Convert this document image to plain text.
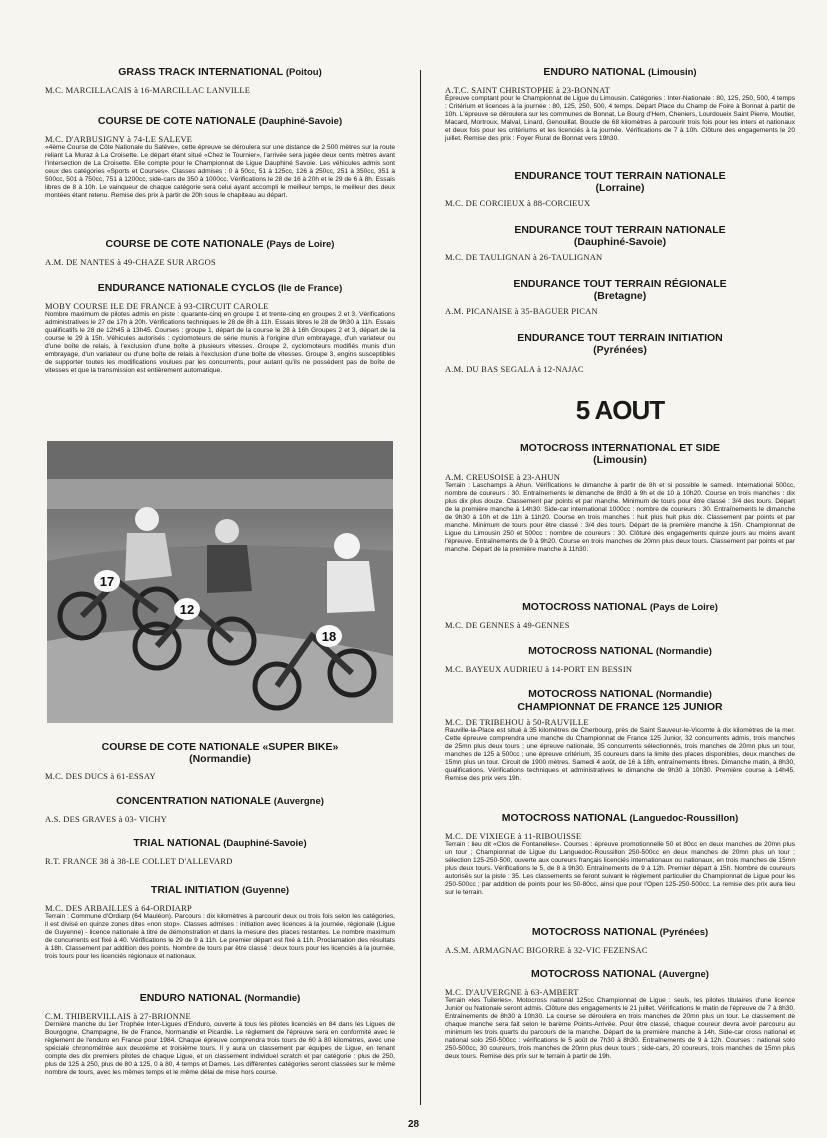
GRASS TRACK INTERNATIONAL (Poitou)

M.C. MARCILLACAIS à 16-MARCILLAC LANVILLE

COURSE DE COTE NATIONALE (Dauphiné-Savoie)

M.C. D'ARBUSIGNY à 74-LE SALEVE

«4ème Course de Côte Nationale du Salève», cette épreuve se déroulera sur une distance de 2 500 mètres sur la route reliant La Muraz à La Croisette. Le départ étant situé «Chez le Tournier», l'arrivée sera jugée deux cents mètres avant l'intersection de La Croisette. Elle compte pour le Championnat de Ligue Dauphiné Savoie. Les véhicules admis sont ceux des catégories «Sports et Courses». Classes admises : 0 à 50cc, 51 à 125cc, 126 à 250cc, 251 à 350cc, 351 à 500cc, 501 à 750cc, 751 à 1200cc, side-cars de 350 à 1000cc. Vérifications le 28 de 16 à 20h et le 29 de 6 à 8h. Essais libres de 8 à 10h. Le vainqueur de chaque catégorie sera celui ayant accompli le meilleur temps, le meilleur des deux montées étant retenu. Remise des prix à partir de 20h sous le chapiteau au départ.

COURSE DE COTE NATIONALE (Pays de Loire)

A.M. DE NANTES à 49-CHAZE SUR ARGOS

ENDURANCE NATIONALE CYCLOS (Ile de France)

MOBY COURSE ILE DE FRANCE à 93-CIRCUIT CAROLE

Nombre maximum de pilotes admis en piste : quarante-cinq en groupe 1 et trente-cinq en groupes 2 et 3. Vérifications administratives le 27 de 17h à 20h. Vérifications techniques le 28 de 8h à 11h. Essais libres le 28 de 9h30 à 11h. Essais qualificatifs le 28 de 12h45 à 13h45. Courses : groupe 1, départ de la course le 28 à 16h Groupes 2 et 3, départ de la course le 29 à 15h. Véhicules autorisés : cyclomoteurs de série munis à l'origine d'un embrayage, d'un variateur ou d'une boîte de relais, à l'exclusion d'une boîte à plusieurs vitesses. Groupe 2, cyclomoteurs modifiés munis d'un embrayage, d'un variateur ou d'une boîte de relais à l'exclusion d'une boîte de vitesses. Groupe 3, engins susceptibles de supporter toutes les modifications voulues par les concurrents, pour autant qu'ils ne possèdent pas de boîte de vitesses et que la transmission est entièrement automatique.

17
12
18

COURSE DE COTE NATIONALE «SUPER BIKE»

(Normandie)

M.C. DES DUCS à 61-ESSAY

CONCENTRATION NATIONALE (Auvergne)

A.S. DES GRAVES à 03- VICHY

TRIAL NATIONAL (Dauphiné-Savoie)

R.T. FRANCE 38 à 38-LE COLLET D'ALLEVARD

TRIAL INITIATION (Guyenne)

M.C. DES ARBAILLES à 64-ORDIARP

Terrain : Commune d'Ordiarp (64 Mauléon). Parcours : dix kilomètres à parcourir deux ou trois fois selon les catégories, il est divisé en quinze zones dites «non stop». Classes admises : initiation avec licences à la journée, régionale (Ligue de Guyenne) - licence nationale à titre de démonstration et dans la mesure des places restantes. Le nombre maximum de concurrents est fixé à 40. Vérifications le 29 de 9 à 11h. Le premier départ est fixé à 11h. Proclamation des résultats à 18h. Classement par addition des points. Nombre de tours par être classé : deux tours pour les licenciés à la journée, trois tours pour les licenciés régionaux et nationaux.

ENDURO NATIONAL (Normandie)

C.M. THIBERVILLAIS à 27-BRIONNE

Dernière manche du 1er Trophée Inter-Ligues d'Enduro, ouverte à tous les pilotes licenciés en 84 dans les Ligues de Bourgogne, Champagne, Ile de France, Normandie et Picardie. Le règlement de l'épreuve sera en conformité avec le règlement de l'enduro en France pour 1984. Chaque épreuve comprendra trois tours de 60 à 80 kilomètres, avec une spéciale chronométrée aux deuxième et troisième tours. Il y aura un classement par équipes de Ligue, en tenant compte des dix premiers pilotes de chaque Ligue, et un classement individuel scratch et par catégorie : plus de 250, plus de 125 à 250, plus de 80 à 125, 0 à 80, 4 temps et Dames. Les différentes catégories seront classées sur le même nombre de tours, avec les mêmes temps et le même délai de mise hors course.

ENDURO NATIONAL (Limousin)

A.T.C. SAINT CHRISTOPHE à 23-BONNAT

Épreuve comptant pour le Championnat de Ligue du Limousin. Catégories : Inter-Nationale : 80, 125, 250, 500, 4 temps : Critérium et licences à la journée : 80, 125, 250, 500, 4 temps. Départ Place du Champ de Foire à Bonnat à partir de 10h. L'épreuve se déroulera sur les communes de Bonnat, Le Bourg d'Hem, Cheniers, Lourdoueix Saint Pierre, Moutier, Macard, Mortroux, Malval, Linard, Genouillat. Boucle de 68 kilomètres à parcourir trois fois pour les inters et nationaux et deux fois pour les critériums et les licenciés à la journée. Vérifications de 7 à 10h. Clôture des engagements le 20 juillet. Remise des prix : Foyer Rural de Bonnat vers 19h30.

ENDURANCE TOUT TERRAIN NATIONALE

(Lorraine)

M.C. DE CORCIEUX à 88-CORCIEUX

ENDURANCE TOUT TERRAIN NATIONALE

(Dauphiné-Savoie)

M.C. DE TAULIGNAN à 26-TAULIGNAN

ENDURANCE TOUT TERRAIN RÉGIONALE

(Bretagne)

A.M. PICANAISE à 35-BAGUER PICAN

ENDURANCE TOUT TERRAIN INITIATION

(Pyrénées)

A.M. DU BAS SEGALA à 12-NAJAC

5 AOUT

MOTOCROSS INTERNATIONAL ET SIDE

(Limousin)

A.M. CREUSOISE à 23-AHUN

Terrain : Laschamps à Ahun. Vérifications le dimanche à partir de 8h et si possible le samedi. International 500cc, nombre de coureurs : 30. Entraînements le dimanche de 8h30 à 9h et de 10 à 10h20. Course en trois manches : dix plus dix plus douze. Classement par points et par manche. Minimum de tours pour être classé : 3/4 des tours. Départ de la première manche à 14h30. Side-car international 1000cc : nombre de coureurs : 30. Entraînements le dimanche de 9h30 à 10h et de 11h à 11h20. Course en trois manches : huit plus huit plus dix. Classement par points et par manche. Minimum de tours pour être classé : 3/4 des tours. Départ de la première manche à 15h. Championnat de Ligue du Limousin 250 et 500cc : nombre de coureurs : 30. Clôture des engagements quinze jours au moins avant l'épreuve. Entraînements de 9 à 9h20. Course en trois manches de 20mn plus deux tours. Classement par points et par manche. Départ de la première manche à 11h30.

MOTOCROSS NATIONAL (Pays de Loire)

M.C. DE GENNES à 49-GENNES

MOTOCROSS NATIONAL (Normandie)

M.C. BAYEUX AUDRIEU à 14-PORT EN BESSIN

MOTOCROSS NATIONAL (Normandie)

CHAMPIONNAT DE FRANCE 125 JUNIOR

M.C. DE TRIBEHOU à 50-RAUVILLE

Rauville-la-Place est situé à 35 kilomètres de Cherbourg, près de Saint Sauveur-le-Vicomte à dix kilomètres de la mer. Cette épreuve comprendra une manche du Championnat de France 125 Junior, 32 concurrents admis, trois manches de 25mn plus deux tours ; une épreuve nationale, 35 concurrents sélectionnés, trois manches de 20mn plus un tour, manches de 125 à 500cc ; une épreuve critérium, 35 coureurs dans la limite des places disponibles, deux manches de 15mn plus un tour. Circuit de 1900 mètres. Samedi 4 août, de 16 à 18h, entraînements libres. Dimanche matin, à 8h30, qualifications. Vérifications techniques et administratives le dimanche de 9h30 à 10h30. Première course à 14h45. Remise des prix vers 19h.

MOTOCROSS NATIONAL (Languedoc-Roussillon)

M.C. DE VIXIEGE à 11-RIBOUISSE

Terrain : lieu dit «Clos de Fontanelles». Courses : épreuve promotionnelle 50 et 80cc en deux manches de 20mn plus un tour ; Championnat de Ligue du Languedoc-Roussillon 250-500cc en deux manches de 20mn plus un tour ; sélection 125-250-500, ouverte aux coureurs français licenciés internationaux ou nationaux, en trois manches de 15mn plus deux tours. Vérifications le 5, de 8 à 9h30. Entraînements de 9 à 12h. Premier départ à 15h. Nombre de coureurs autorisés sur la piste : 35. Les classements se feront suivant le règlement particulier du Championnat de Ligue pour les 250-500cc ; par addition de points pour les 50-80cc, ainsi que pour l'Open 125-250-500cc. La remise des prix aura lieu sur le terrain.

MOTOCROSS NATIONAL (Pyrénées)

A.S.M. ARMAGNAC BIGORRE à 32-VIC FEZENSAC

MOTOCROSS NATIONAL (Auvergne)

M.C. D'AUVERGNE à 63-AMBERT

Terrain «les Tuileries». Motocross national 125cc Championnat de Ligue : seuls, les pilotes titulaires d'une licence Junior ou Nationale seront admis. Clôture des engagements le 21 juillet. Vérifications le matin de l'épreuve de 7 à 8h30. Entraînements de 8h30 à 10h30. La course se déroulera en trois manches de 20mn plus un tour. Le classement de chaque manche sera fait selon le barème Points-Arrivée. Pour être classé, chaque coureur devra avoir parcouru au minimum les trois quarts du parcours de la manche. Départ de la première manche à 14h. Side-car cross national et national solo 250-500cc : vérifications le 5 août de 7h30 à 8h30. Entraînements de 9 à 12h. Courses : national solo 250-500cc, 30 coureurs, trois manches de 20mn plus deux tours ; side-cars, 20 coureurs, trois manches de 15mn plus deux tours. Remise des prix sur le terrain à partir de 19h.

28
